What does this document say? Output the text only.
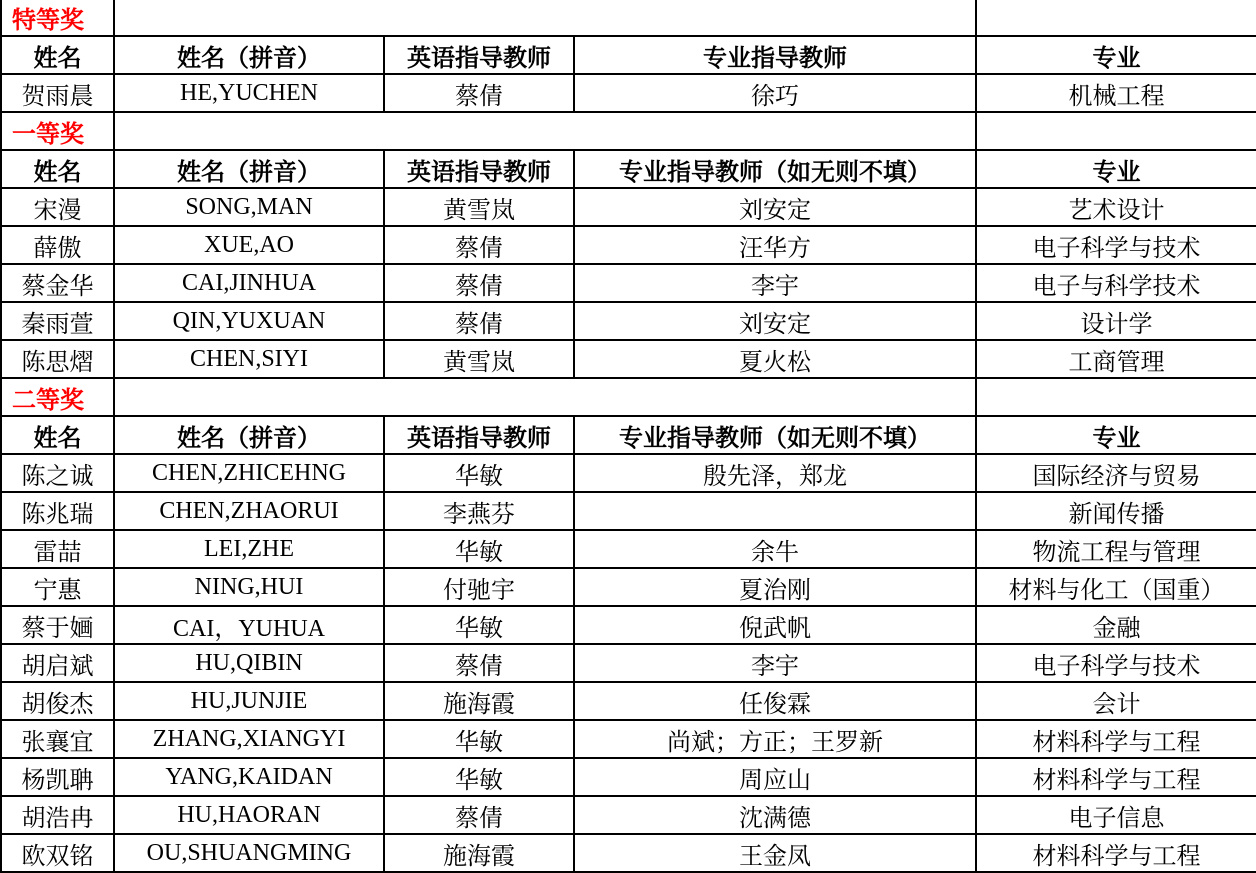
特等奖				
姓名	姓名（拼音）	英语指导教师	专业指导教师	专业
贺雨晨	HE,YUCHEN	蔡倩	徐巧	机械工程
一等奖				
姓名	姓名（拼音）	英语指导教师	专业指导教师（如无则不填）	专业
宋漫	SONG,MAN	黄雪岚	刘安定	艺术设计
薛傲	XUE,AO	蔡倩	汪华方	电子科学与技术
蔡金华	CAI,JINHUA	蔡倩	李宇	电子与科学技术
秦雨萱	QIN,YUXUAN	蔡倩	刘安定	设计学
陈思熠	CHEN,SIYI	黄雪岚	夏火松	工商管理
二等奖				
姓名	姓名（拼音）	英语指导教师	专业指导教师（如无则不填）	专业
陈之诚	CHEN,ZHICEHNG	华敏	殷先泽，郑龙	国际经济与贸易
陈兆瑞	CHEN,ZHAORUI	李燕芬		新闻传播
雷喆	LEI,ZHE	华敏	余牛	物流工程与管理
宁惠	NING,HUI	付驰宇	夏治刚	材料与化工（国重）
蔡于婳	CAI，YUHUA	华敏	倪武帆	金融
胡启斌	HU,QIBIN	蔡倩	李宇	电子科学与技术
胡俊杰	HU,JUNJIE	施海霞	任俊霖	会计
张襄宜	ZHANG,XIANGYI	华敏	尚斌；方正；王罗新	材料科学与工程
杨凯聃	YANG,KAIDAN	华敏	周应山	材料科学与工程
胡浩冉	HU,HAORAN	蔡倩	沈满德	电子信息
欧双铭	OU,SHUANGMING	施海霞	王金凤	材料科学与工程
